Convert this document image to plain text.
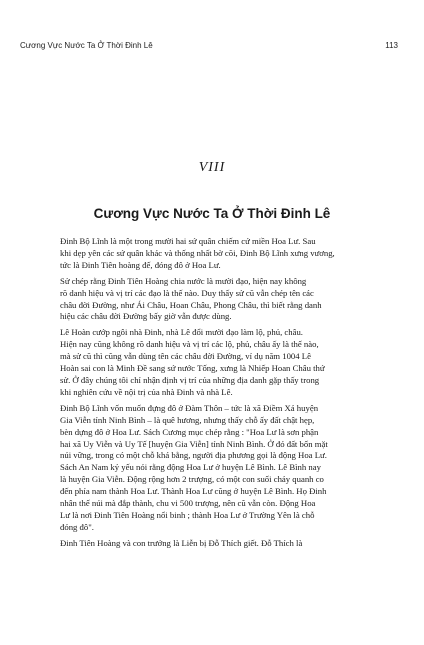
Cương Vực Nước Ta Ở Thời Đinh Lê	113
VIII
Cương Vực Nước Ta Ở Thời Đinh Lê
Đinh Bộ Lĩnh là một trong mười hai sứ quân chiếm cứ miền Hoa Lư. Sau
khi dẹp yên các sứ quân khác và thống nhất bờ cõi, Đinh Bộ Lĩnh xưng vương,
tức là Đinh Tiên hoàng đế, đóng đô ở Hoa Lư.
Sử chép rằng Đinh Tiên Hoàng chia nước là mười đạo, hiện nay không
rõ danh hiệu và vị trí các đạo là thế nào. Duy thấy sử cũ vẫn chép tên các
châu đời Đường, như Ái Châu, Hoan Châu, Phong Châu, thì biết rằng danh
hiệu các châu đời Đường bấy giờ vẫn được dùng.
Lê Hoàn cướp ngôi nhà Đinh, nhà Lê đổi mười đạo làm lộ, phủ, châu.
Hiện nay cũng không rõ danh hiệu và vị trí các lộ, phủ, châu ấy là thế nào,
mà sử cũ thì cũng vẫn dùng tên các châu đời Đường, ví dụ năm 1004 Lê
Hoàn sai con là Minh Đề sang sứ nước Tống, xưng là Nhiếp Hoan Châu thứ
sử. Ở đây chúng tôi chỉ nhận định vị trí của những địa danh gặp thấy trong
khi nghiên cứu về nội trị của nhà Đinh và nhà Lê.
Đinh Bộ Lĩnh vốn muốn đựng đô ở Đàm Thôn – tức là xã Điềm Xá huyện
Gia Viễn tỉnh Ninh Bình – là quê hương, nhưng thấy chỗ ấy đất chật hẹp,
bèn dựng đô ở Hoa Lư. Sách Cương mục chép rằng : "Hoa Lư là sơn phận
hai xã Uy Viễn và Uy Tế [huyện Gia Viễn] tỉnh Ninh Bình. Ở đó đất bốn mặt
núi vững, trong có một chỗ khá bằng, người địa phương gọi là động Hoa Lư.
Sách An Nam kỷ yếu nói rằng động Hoa Lư ở huyện Lê Bình. Lê Bình nay
là huyện Gia Viễn. Động rộng hơn 2 trượng, có một con suối chảy quanh co
đến phía nam thành Hoa Lư. Thành Hoa Lư cũng ở huyện Lê Bình. Họ Đinh
nhân thế núi mà đắp thành, chu vi 500 trượng, nên cũ vẫn còn. Động Hoa
Lư là nơi Đinh Tiên Hoàng nổi binh ; thành Hoa Lư ở Trường Yên là chỗ
đóng đô".
Đinh Tiên Hoàng và con trưởng là Liễn bị Đỗ Thích giết. Đỗ Thích là
